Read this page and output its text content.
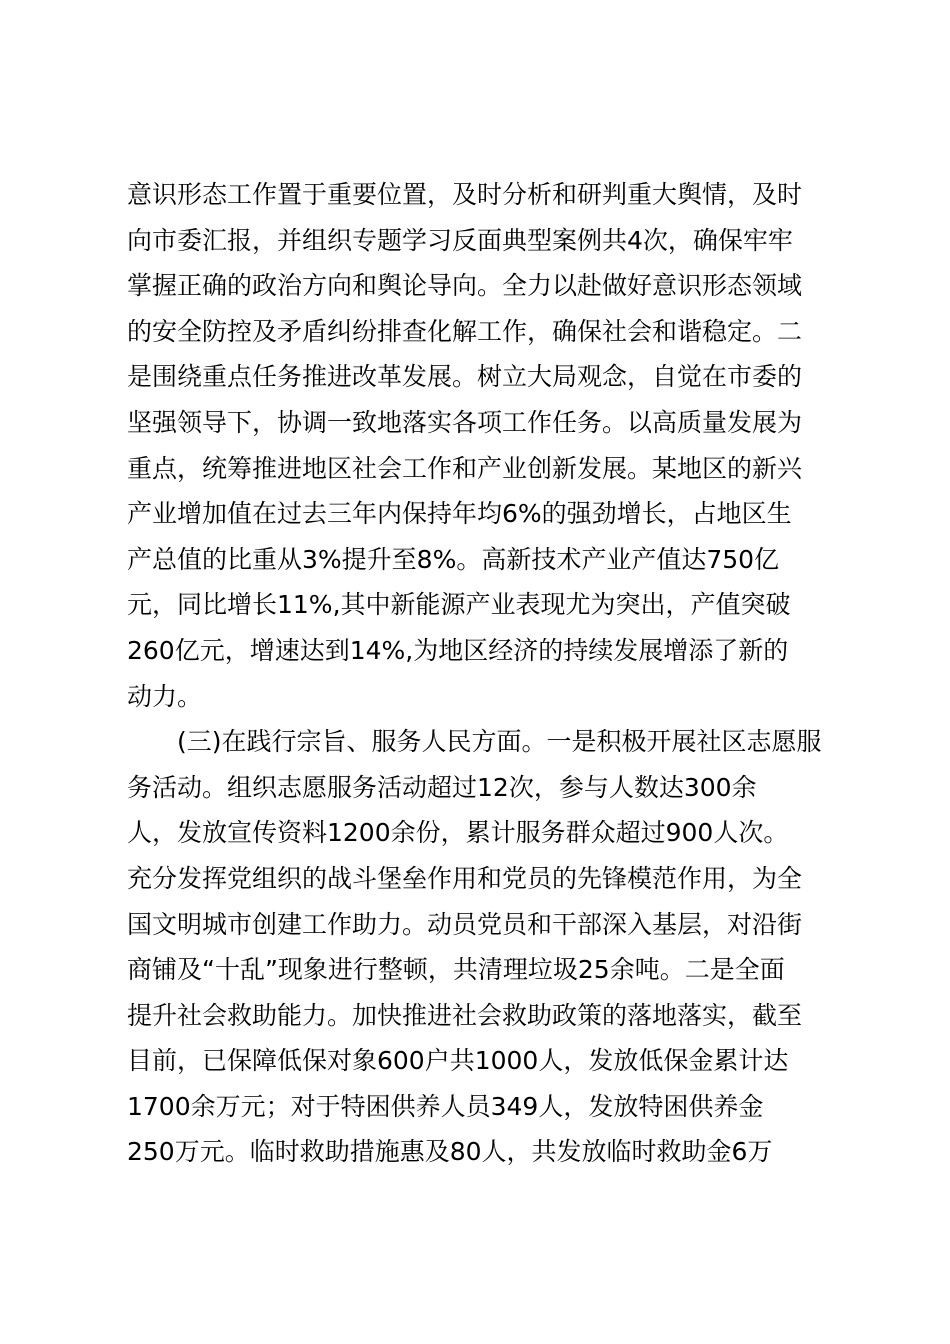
意识形态工作置于重要位置，及时分析和研判重大舆情，及时
向市委汇报，并组织专题学习反面典型案例共4次，确保牢牢
掌握正确的政治方向和舆论导向。全力以赴做好意识形态领域
的安全防控及矛盾纠纷排查化解工作，确保社会和谐稳定。二
是围绕重点任务推进改革发展。树立大局观念，自觉在市委的
坚强领导下，协调一致地落实各项工作任务。以高质量发展为
重点，统筹推进地区社会工作和产业创新发展。某地区的新兴
产业增加值在过去三年内保持年均6%的强劲增长，占地区生
产总值的比重从3%提升至8%。高新技术产业产值达750亿
元，同比增长11%,其中新能源产业表现尤为突出，产值突破
260亿元，增速达到14%,为地区经济的持续发展增添了新的
动力。
　　(三)在践行宗旨、服务人民方面。一是积极开展社区志愿服
务活动。组织志愿服务活动超过12次，参与人数达300余
人，发放宣传资料1200余份，累计服务群众超过900人次。
充分发挥党组织的战斗堡垒作用和党员的先锋模范作用，为全
国文明城市创建工作助力。动员党员和干部深入基层，对沿街
商铺及“十乱”现象进行整顿，共清理垃圾25余吨。二是全面
提升社会救助能力。加快推进社会救助政策的落地落实，截至
目前，已保障低保对象600户共1000人，发放低保金累计达
1700余万元；对于特困供养人员349人，发放特困供养金
250万元。临时救助措施惠及80人，共发放临时救助金6万
